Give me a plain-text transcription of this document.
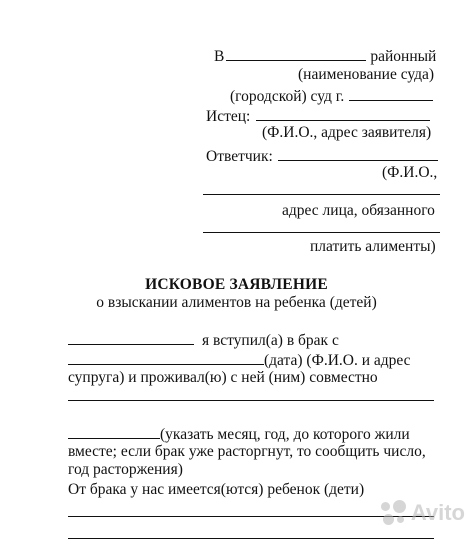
В	районный
(наименование суда)
(городской) суд г.
Истец:
(Ф.И.О., адрес заявителя)
Ответчик:
(Ф.И.О.,
адрес лица, обязанного
платить алименты)
ИСКОВОЕ ЗАЯВЛЕНИЕ
о взыскании алиментов на ребенка (детей)
я вступил(а) в брак с
(дата) (Ф.И.О. и адрес
супруга) и проживал(ю) с ней (ним) совместно
(указать месяц, год, до которого жили
вместе; если брак уже расторгнут, то сообщить число,
год расторжения)
От брака у нас имеется(ются) ребенок (дети)
Avito
